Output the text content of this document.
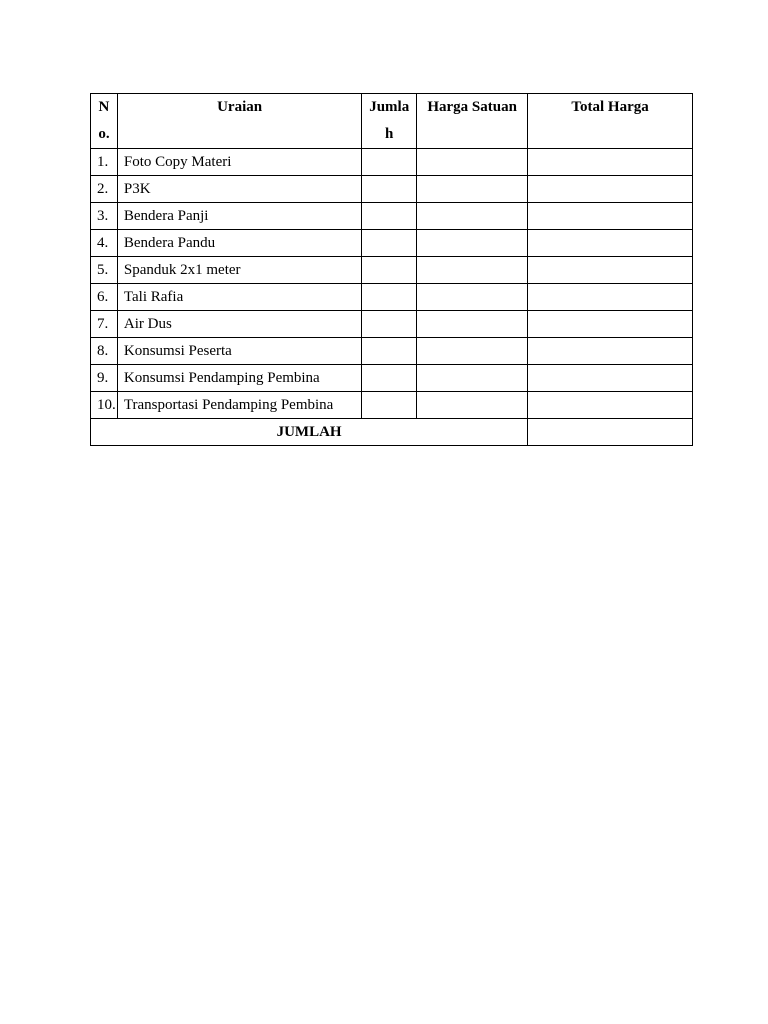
No.	Uraian	Jumlah	Harga Satuan	Total Harga

1.	Foto Copy Materi			
2.	P3K			
3.	Bendera Panji			
4.	Bendera Pandu			
5.	Spanduk 2x1 meter			
6.	Tali Rafia			
7.	Air Dus			
8.	Konsumsi Peserta			
9.	Konsumsi Pendamping Pembina			
10.	Transportasi Pendamping Pembina			
JUMLAH				
